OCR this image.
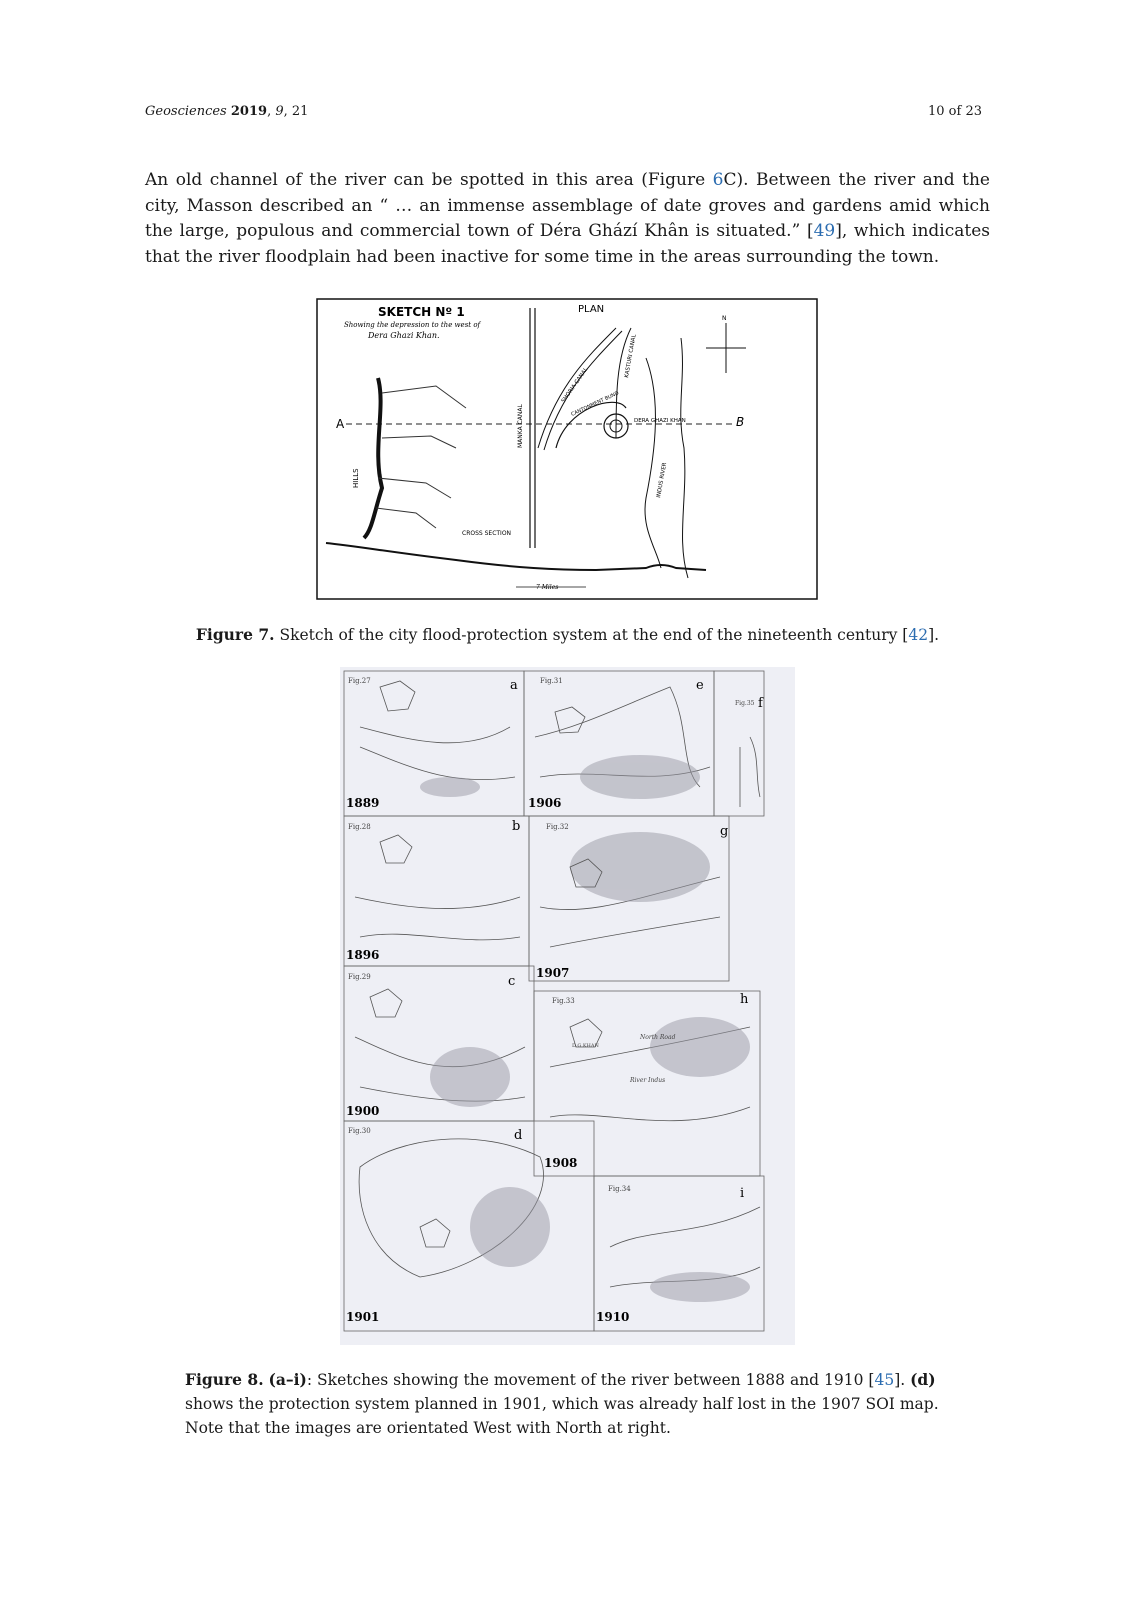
Geosciences 2019, 9, 21	10 of 23
An old channel of the river can be spotted in this area (Figure 6C). Between the river and the city, Masson described an “ … an immense assemblage of date groves and gardens amid which the large, populous and commercial town of Déra Ghází Khân is situated.” [49], which indicates that the river floodplain had been inactive for some time in the areas surrounding the town.
SKETCH Nº 1
Showing the depression to the west of
Dera Ghazi Khan.
PLAN
A	B
HILLS
MANKA CANAL
SHORIA CANAL
KASTURI CANAL
CANTONMENT BUND
DERA GHAZI KHAN
INDUS RIVER
N
CROSS SECTION
7 Miles
Figure 7. Sketch of the city flood-protection system at the end of the nineteenth century [42].
a	e
f
b	g
c
h
d
i
1889	1906
1896
1907
1900
1908
1901	1910
Fig.27	Fig.31
Fig.35
Fig.28	Fig.32
Fig.29
Fig.33
Fig.30
Fig.34
D.G.KHAN
River Indus
North Road
Figure 8. (a–i): Sketches showing the movement of the river between 1888 and 1910 [45]. (d) shows the protection system planned in 1901, which was already half lost in the 1907 SOI map. Note that the images are orientated West with North at right.
